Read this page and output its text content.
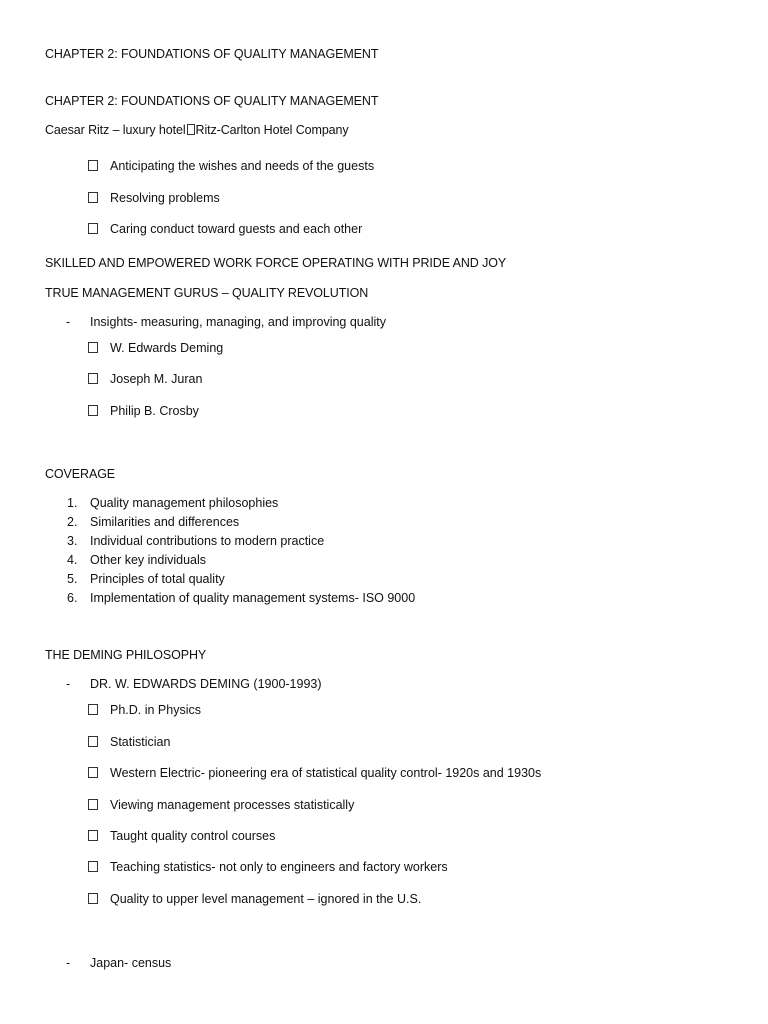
CHAPTER 2: FOUNDATIONS OF QUALITY MANAGEMENT
CHAPTER 2: FOUNDATIONS OF QUALITY MANAGEMENT
Caesar Ritz – luxury hotel Ritz-Carlton Hotel Company
Anticipating the wishes and needs of the guests
Resolving problems
Caring conduct toward guests and each other
SKILLED AND EMPOWERED WORK FORCE OPERATING WITH PRIDE AND JOY
TRUE MANAGEMENT GURUS – QUALITY REVOLUTION
- Insights- measuring, managing, and improving quality
W. Edwards Deming
Joseph M. Juran
Philip B. Crosby
COVERAGE
1. Quality management philosophies
2. Similarities and differences
3. Individual contributions to modern practice
4. Other key individuals
5. Principles of total quality
6. Implementation of quality management systems- ISO 9000
THE DEMING PHILOSOPHY
- DR. W. EDWARDS DEMING (1900-1993)
Ph.D. in Physics
Statistician
Western Electric- pioneering era of statistical quality control- 1920s and 1930s
Viewing management processes statistically
Taught quality control courses
Teaching statistics- not only to engineers and factory workers
Quality to upper level management – ignored in the U.S.
- Japan- census
